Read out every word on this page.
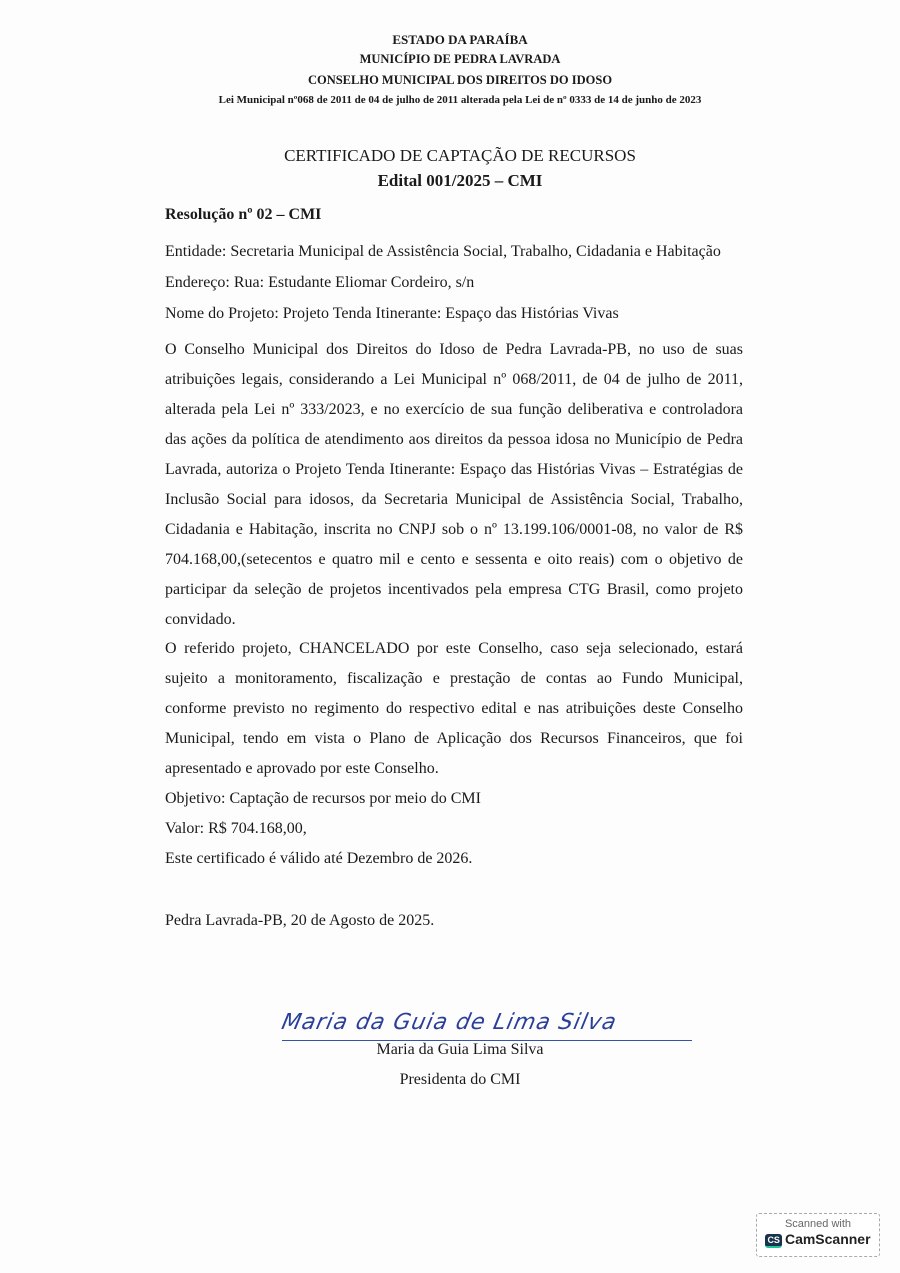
ESTADO DA PARAÍBA
MUNICÍPIO DE PEDRA LAVRADA
CONSELHO MUNICIPAL DOS DIREITOS DO IDOSO
Lei Municipal nº068 de 2011 de 04 de julho de 2011 alterada pela Lei de nº 0333 de 14 de junho de 2023
CERTIFICADO DE CAPTAÇÃO DE RECURSOS
Edital 001/2025 – CMI
Resolução nº 02 – CMI
Entidade: Secretaria Municipal de Assistência Social, Trabalho, Cidadania e Habitação
Endereço: Rua: Estudante Eliomar Cordeiro, s/n
Nome do Projeto: Projeto Tenda Itinerante: Espaço das Histórias Vivas
O Conselho Municipal dos Direitos do Idoso de Pedra Lavrada-PB, no uso de suas
atribuições legais, considerando a Lei Municipal nº 068/2011, de 04 de julho de 2011,
alterada pela Lei nº 333/2023, e no exercício de sua função deliberativa e controladora
das ações da política de atendimento aos direitos da pessoa idosa no Município de Pedra
Lavrada, autoriza o Projeto Tenda Itinerante: Espaço das Histórias Vivas – Estratégias de
Inclusão Social para idosos, da Secretaria Municipal de Assistência Social, Trabalho,
Cidadania e Habitação, inscrita no CNPJ sob o nº 13.199.106/0001-08, no valor de R$
704.168,00,(setecentos e quatro mil e cento e sessenta e oito reais) com o objetivo de
participar da seleção de projetos incentivados pela empresa CTG Brasil, como projeto
convidado.
O referido projeto, CHANCELADO por este Conselho, caso seja selecionado, estará
sujeito a monitoramento, fiscalização e prestação de contas ao Fundo Municipal,
conforme previsto no regimento do respectivo edital e nas atribuições deste Conselho
Municipal, tendo em vista o Plano de Aplicação dos Recursos Financeiros, que foi
apresentado e aprovado por este Conselho.
Objetivo: Captação de recursos por meio do CMI
Valor: R$ 704.168,00,
Este certificado é válido até Dezembro de 2026.
Pedra Lavrada-PB, 20 de Agosto de 2025.
Maria da Guia de Lima Silva
Maria da Guia Lima Silva
Presidenta do CMI
Scanned with
CS CamScanner
